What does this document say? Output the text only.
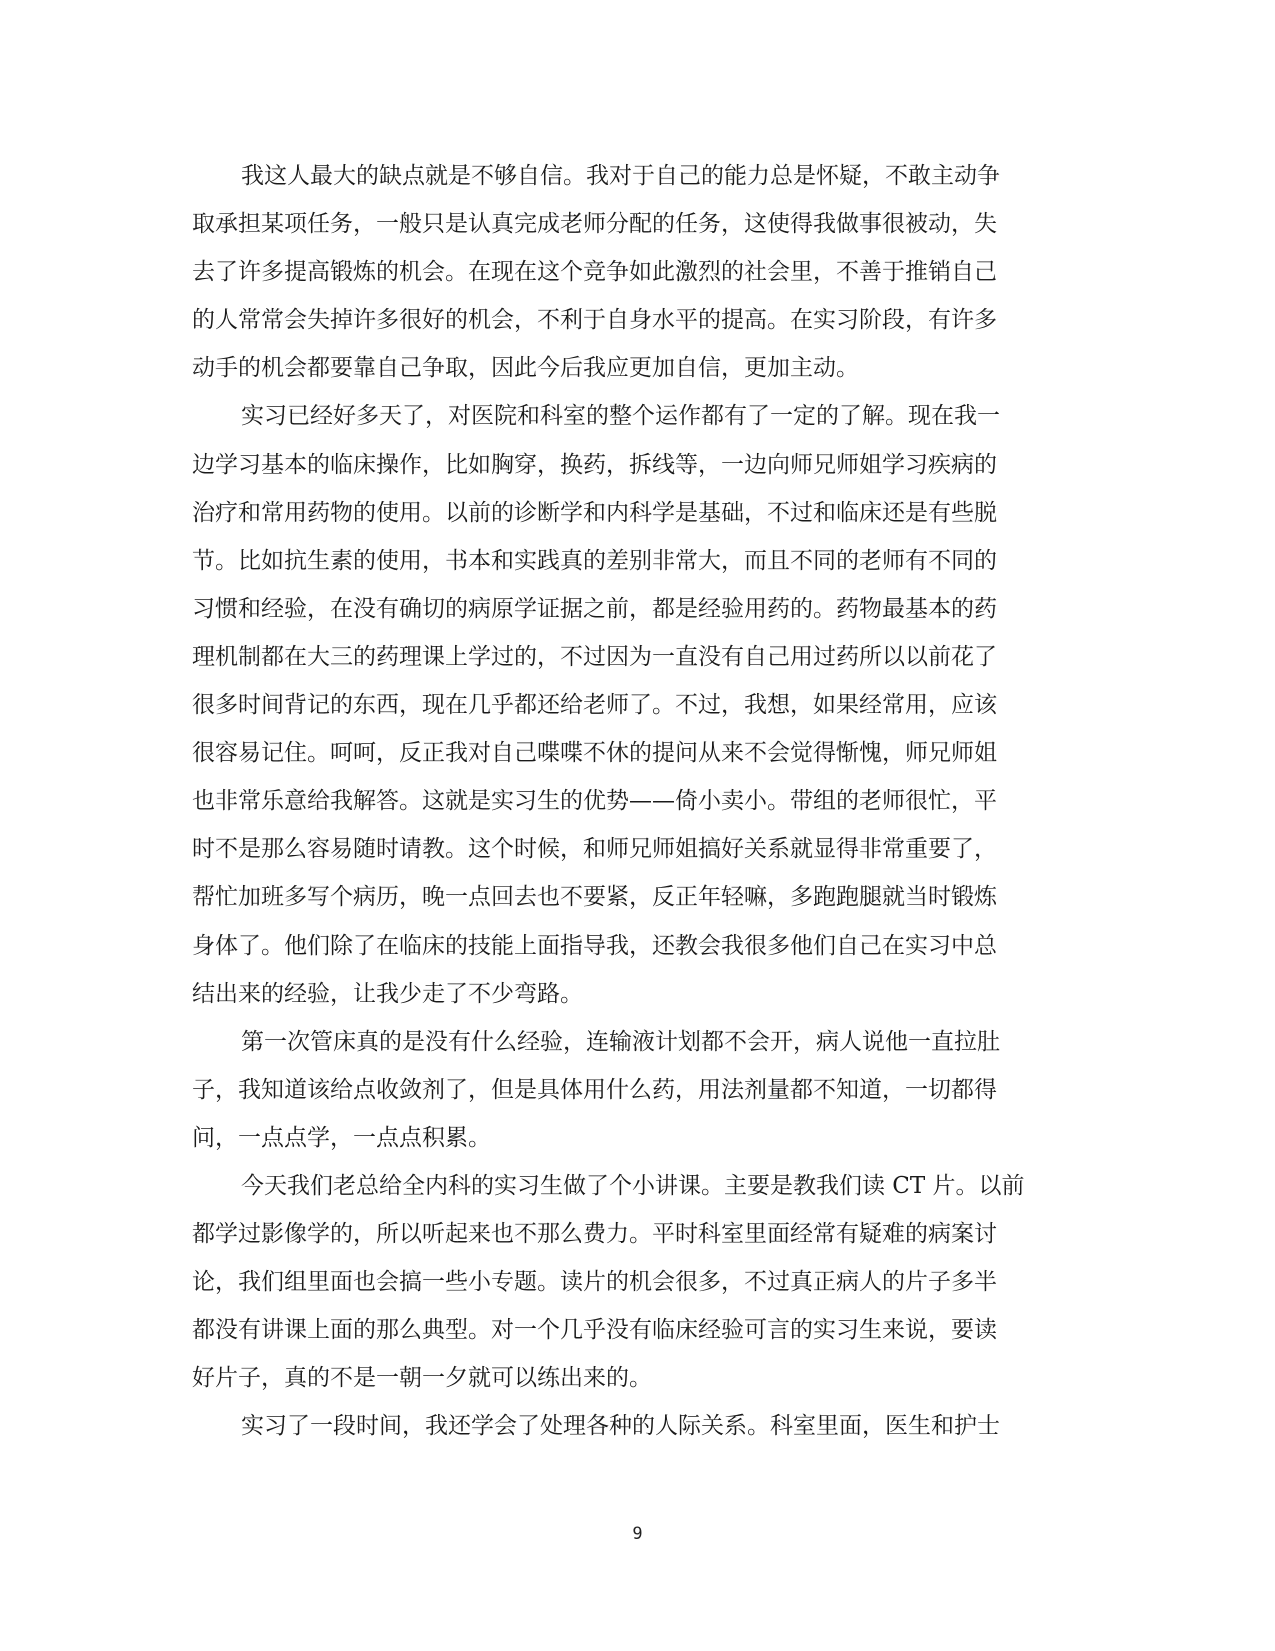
我这人最大的缺点就是不够自信。我对于自己的能力总是怀疑，不敢主动争
取承担某项任务，一般只是认真完成老师分配的任务，这使得我做事很被动，失
去了许多提高锻炼的机会。在现在这个竞争如此激烈的社会里，不善于推销自己
的人常常会失掉许多很好的机会，不利于自身水平的提高。在实习阶段，有许多
动手的机会都要靠自己争取，因此今后我应更加自信，更加主动。
实习已经好多天了，对医院和科室的整个运作都有了一定的了解。现在我一
边学习基本的临床操作，比如胸穿，换药，拆线等，一边向师兄师姐学习疾病的
治疗和常用药物的使用。以前的诊断学和内科学是基础，不过和临床还是有些脱
节。比如抗生素的使用，书本和实践真的差别非常大，而且不同的老师有不同的
习惯和经验，在没有确切的病原学证据之前，都是经验用药的。药物最基本的药
理机制都在大三的药理课上学过的，不过因为一直没有自己用过药所以以前花了
很多时间背记的东西，现在几乎都还给老师了。不过，我想，如果经常用，应该
很容易记住。呵呵，反正我对自己喋喋不休的提问从来不会觉得惭愧，师兄师姐
也非常乐意给我解答。这就是实习生的优势——倚小卖小。带组的老师很忙，平
时不是那么容易随时请教。这个时候，和师兄师姐搞好关系就显得非常重要了，
帮忙加班多写个病历，晚一点回去也不要紧，反正年轻嘛，多跑跑腿就当时锻炼
身体了。他们除了在临床的技能上面指导我，还教会我很多他们自己在实习中总
结出来的经验，让我少走了不少弯路。
第一次管床真的是没有什么经验，连输液计划都不会开，病人说他一直拉肚
子，我知道该给点收敛剂了，但是具体用什么药，用法剂量都不知道，一切都得
问，一点点学，一点点积累。
今天我们老总给全内科的实习生做了个小讲课。主要是教我们读 CT 片。以前
都学过影像学的，所以听起来也不那么费力。平时科室里面经常有疑难的病案讨
论，我们组里面也会搞一些小专题。读片的机会很多，不过真正病人的片子多半
都没有讲课上面的那么典型。对一个几乎没有临床经验可言的实习生来说，要读
好片子，真的不是一朝一夕就可以练出来的。
实习了一段时间，我还学会了处理各种的人际关系。科室里面，医生和护士
9
